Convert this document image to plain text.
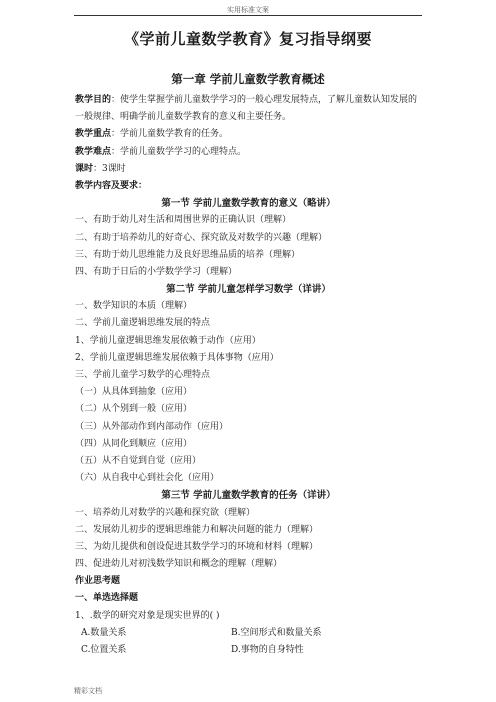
实用标准文案
《学前儿童数学教育》复习指导纲要
第一章 学前儿童数学教育概述
教学目的：使学生掌握学前儿童数学学习的一般心理发展特点，了解儿童数认知发展的一般规律、明确学前儿童数学教育的意义和主要任务。
教学重点：学前儿童数学教育的任务。
教学难点：学前儿童数学学习的心理特点。
课时：3课时
教学内容及要求：
第一节 学前儿童数学教育的意义（略讲）
一、有助于幼儿对生活和周围世界的正确认识（理解）
二、有助于培养幼儿的好奇心、探究欲及对数学的兴趣（理解）
三、有助于幼儿思维能力及良好思维品质的培养（理解）
四、有助于日后的小学数学学习（理解）
第二节 学前儿童怎样学习数学（详讲）
一、数学知识的本质（理解）
二、学前儿童逻辑思维发展的特点
1、学前儿童逻辑思维发展依赖于动作（应用）
2、学前儿童逻辑思维发展依赖于具体事物（应用）
三、学前儿童学习数学的心理特点
（一）从具体到抽象（应用）
（二）从个别到一般（应用）
（三）从外部动作到内部动作（应用）
（四）从同化到顺应（应用）
（五）从不自觉到自觉（应用）
（六）从自我中心到社会化（应用）
第三节 学前儿童数学教育的任务（详讲）
一、培养幼儿对数学的兴趣和探究欲（理解）
二、发展幼儿初步的逻辑思维能力和解决问题的能力（理解）
三、为幼儿提供和创设促进其数学学习的环境和材料（理解）
四、促进幼儿对初浅数学知识和概念的理解（理解）
作业思考题
一、单选选择题
1、.数学的研究对象是现实世界的( )
A.数量关系	B.空间形式和数量关系
C.位置关系	D.事物的自身特性
精彩文档
